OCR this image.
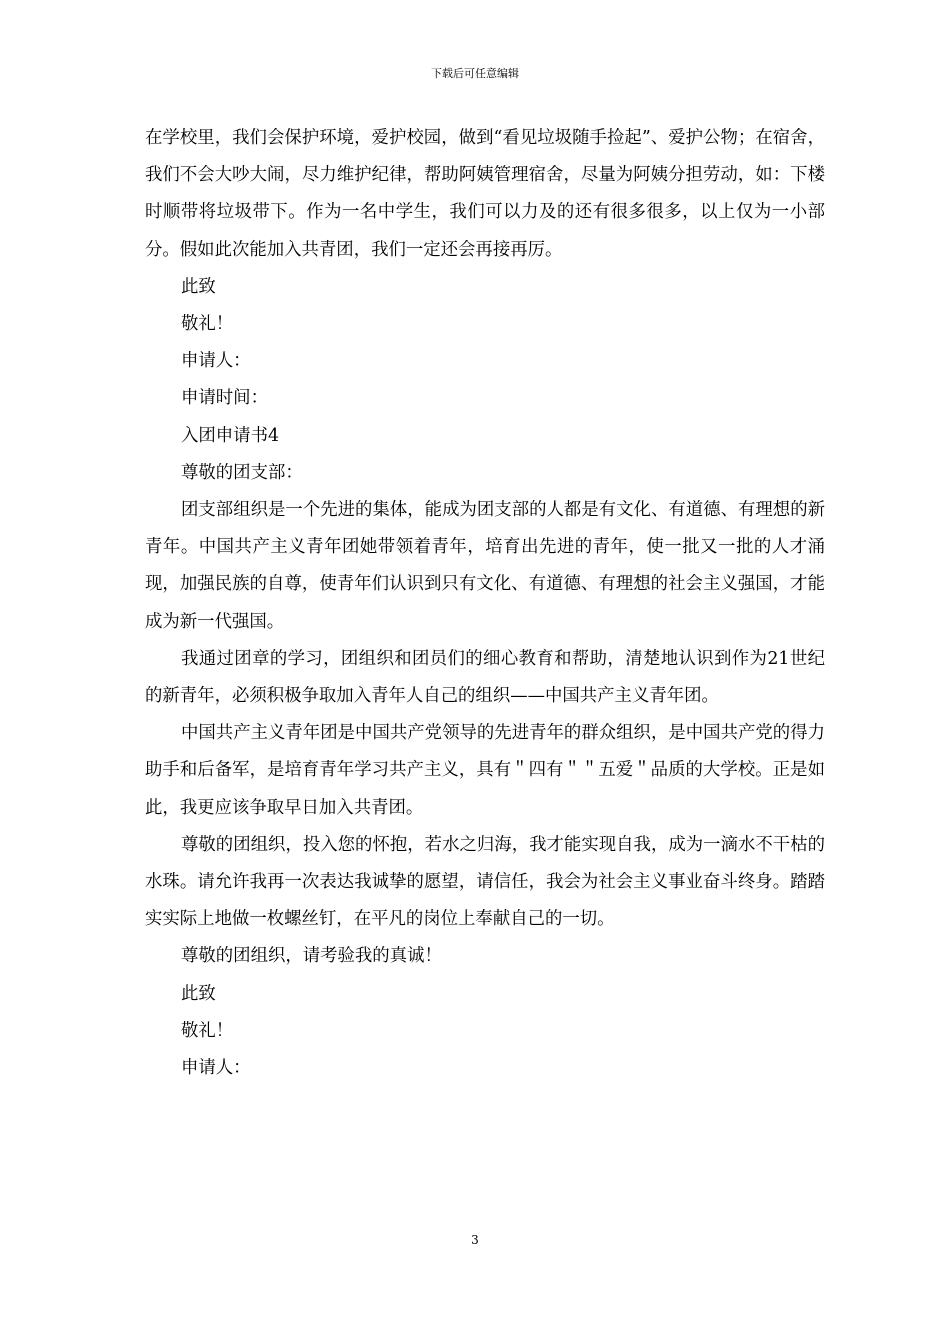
下载后可任意编辑

在学校里，我们会保护环境，爱护校园，做到“看见垃圾随手捡起”、爱护公物；在宿舍，我们不会大吵大闹，尽力维护纪律，帮助阿姨管理宿舍，尽量为阿姨分担劳动，如：下楼时顺带将垃圾带下。作为一名中学生，我们可以力及的还有很多很多，以上仅为一小部分。假如此次能加入共青团，我们一定还会再接再厉。

此致

敬礼！

申请人：

申请时间：

入团申请书4

尊敬的团支部：

团支部组织是一个先进的集体，能成为团支部的人都是有文化、有道德、有理想的新青年。中国共产主义青年团她带领着青年，培育出先进的青年，使一批又一批的人才涌现，加强民族的自尊，使青年们认识到只有文化、有道德、有理想的社会主义强国，才能成为新一代强国。

我通过团章的学习，团组织和团员们的细心教育和帮助，清楚地认识到作为21世纪的新青年，必须积极争取加入青年人自己的组织——中国共产主义青年团。

中国共产主义青年团是中国共产党领导的先进青年的群众组织，是中国共产党的得力助手和后备军，是培育青年学习共产主义，具有＂四有＂＂五爱＂品质的大学校。正是如此，我更应该争取早日加入共青团。

尊敬的团组织，投入您的怀抱，若水之归海，我才能实现自我，成为一滴水不干枯的水珠。请允许我再一次表达我诚挚的愿望，请信任，我会为社会主义事业奋斗终身。踏踏实实际上地做一枚螺丝钉，在平凡的岗位上奉献自己的一切。

尊敬的团组织，请考验我的真诚！

此致

敬礼！

申请人：

3
